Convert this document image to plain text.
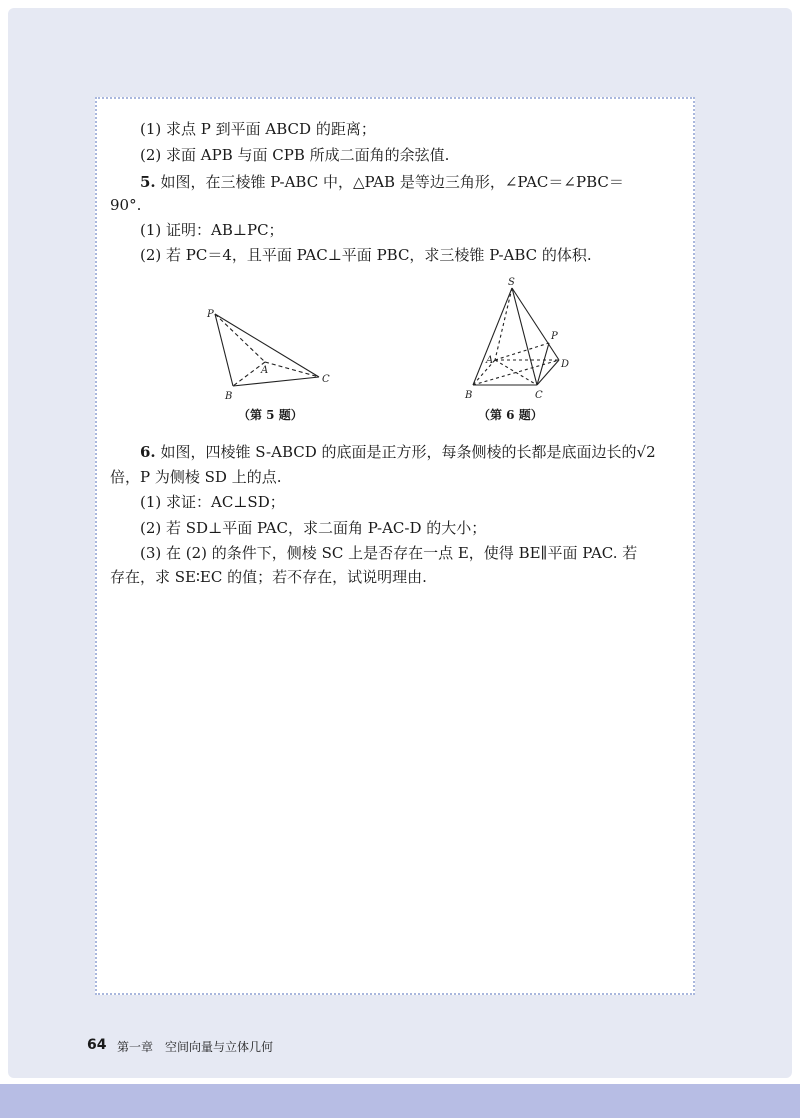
(1) 求点 P 到平面 ABCD 的距离；
(2) 求面 APB 与面 CPB 所成二面角的余弦值.
5. 如图，在三棱锥 P-ABC 中，△PAB 是等边三角形，∠PAC＝∠PBC＝
90°.
(1) 证明：AB⊥PC；
(2) 若 PC＝4，且平面 PAC⊥平面 PBC，求三棱锥 P-ABC 的体积.
P
A
B
C
（第 5 题）
S
P
A	D
B	C
（第 6 题）
6. 如图，四棱锥 S-ABCD 的底面是正方形，每条侧棱的长都是底面边长的√2
倍，P 为侧棱 SD 上的点.
(1) 求证：AC⊥SD；
(2) 若 SD⊥平面 PAC，求二面角 P-AC-D 的大小；
(3) 在 (2) 的条件下，侧棱 SC 上是否存在一点 E，使得 BE∥平面 PAC. 若
存在，求 SE∶EC 的值；若不存在，试说明理由.
64 第一章　空间向量与立体几何
